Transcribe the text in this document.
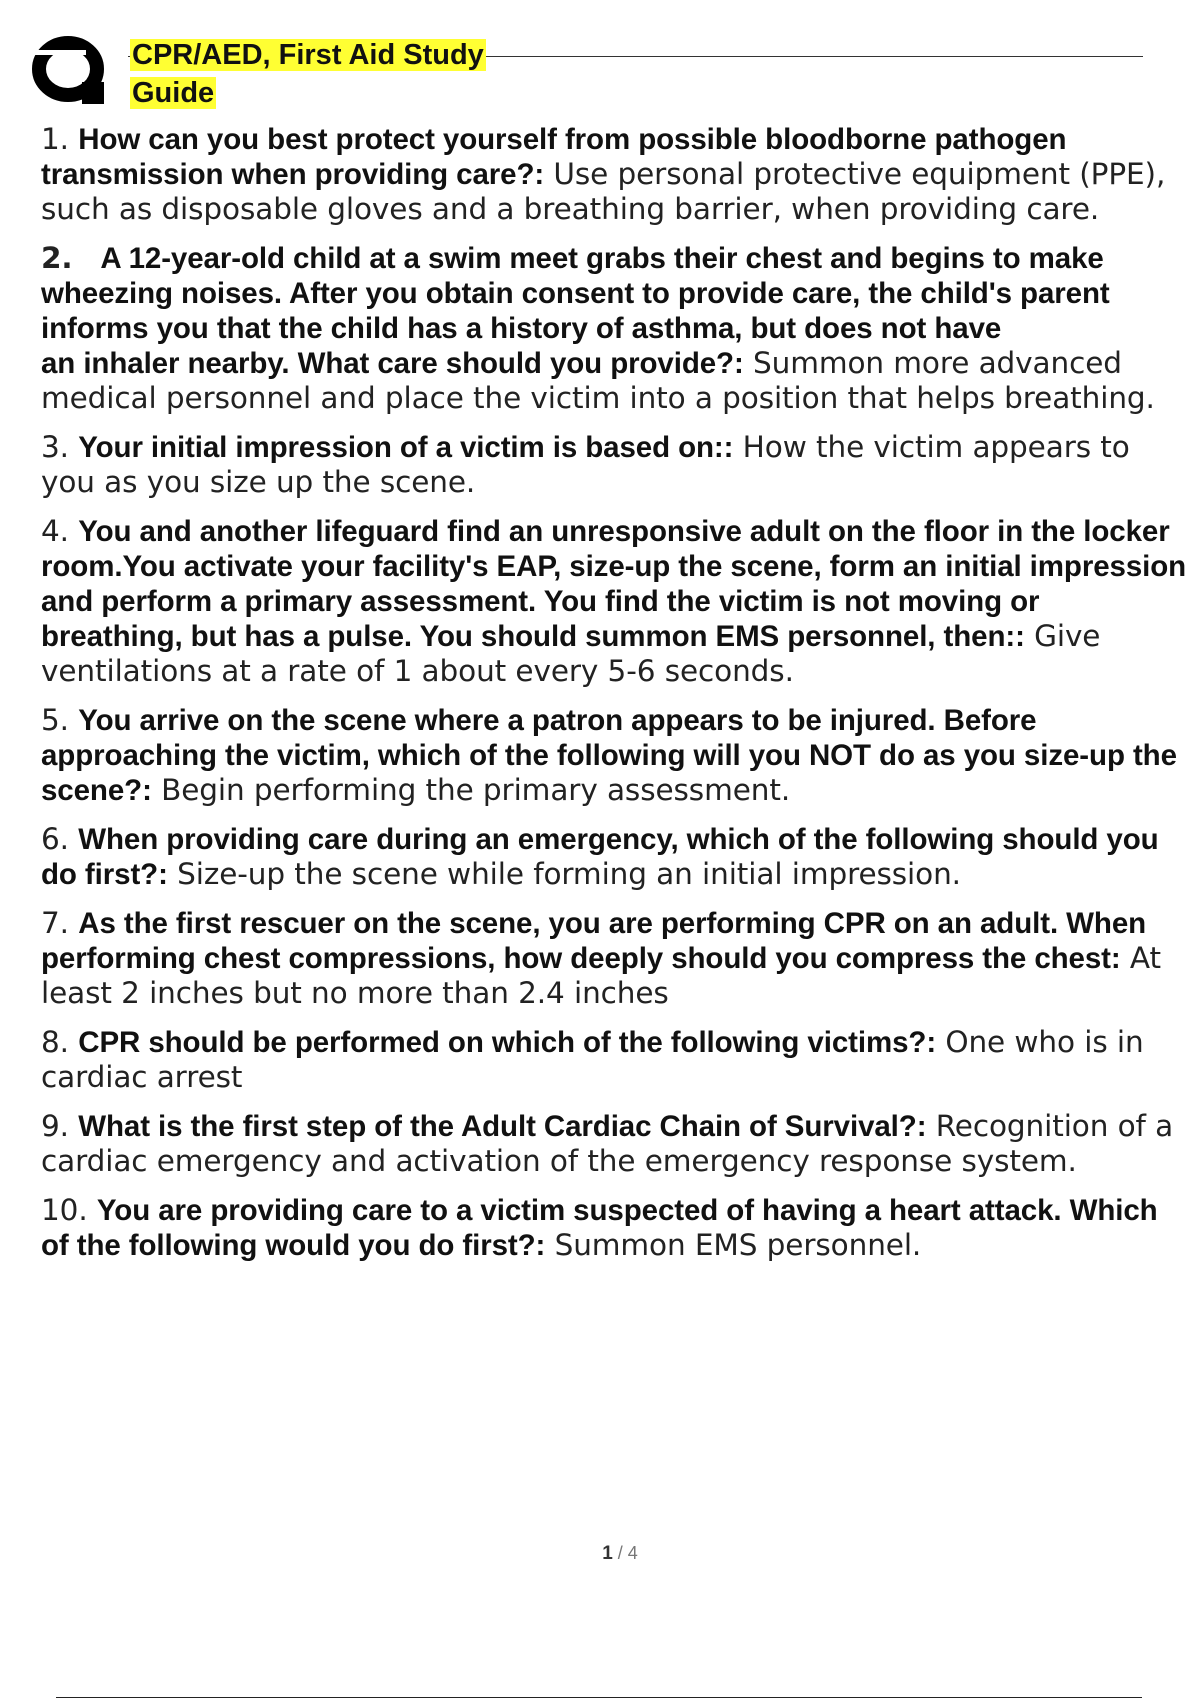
CPR/AED, First Aid Study
Guide
1. How can you best protect yourself from possible bloodborne pathogen transmission when providing care?: Use personal protective equipment (PPE), such as disposable gloves and a breathing barrier, when providing care.
2. A 12-year-old child at a swim meet grabs their chest and begins to make wheezing noises. After you obtain consent to provide care, the child's parent informs you that the child has a history of asthma, but does not have
an inhaler nearby. What care should you provide?: Summon more advanced medical personnel and place the victim into a position that helps breathing.
3. Your initial impression of a victim is based on:: How the victim appears to you as you size up the scene.
4. You and another lifeguard find an unresponsive adult on the floor in the locker room.You activate your facility's EAP, size-up the scene, form an initial impression and perform a primary assessment. You find the victim is not moving or breathing, but has a pulse. You should summon EMS personnel, then:: Give ventilations at a rate of 1 about every 5-6 seconds.
5. You arrive on the scene where a patron appears to be injured. Before approaching the victim, which of the following will you NOT do as you size-up the scene?: Begin performing the primary assessment.
6. When providing care during an emergency, which of the following should you do first?: Size-up the scene while forming an initial impression.
7. As the first rescuer on the scene, you are performing CPR on an adult. When performing chest compressions, how deeply should you compress the chest: At least 2 inches but no more than 2.4 inches
8. CPR should be performed on which of the following victims?: One who is in cardiac arrest
9. What is the first step of the Adult Cardiac Chain of Survival?: Recognition of a cardiac emergency and activation of the emergency response system.
10. You are providing care to a victim suspected of having a heart attack. Which of the following would you do first?: Summon EMS personnel.
1 / 4
